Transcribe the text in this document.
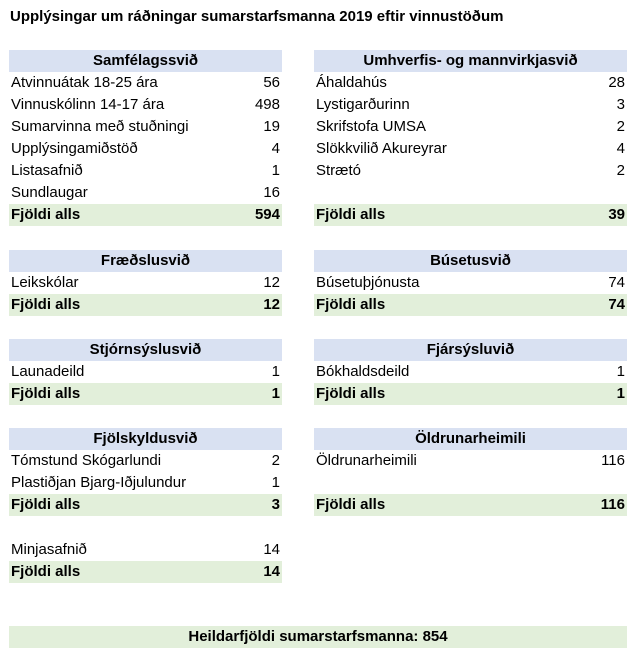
Upplýsingar um ráðningar sumarstarfsmanna 2019 eftir vinnustöðum
Samfélagssvið
Atvinnuátak 18-25 ára	56
Vinnuskólinn 14-17 ára	498
Sumarvinna með stuðningi	19
Upplýsingamiðstöð	4
Listasafnið	1
Sundlaugar	16
Fjöldi alls	594
Umhverfis- og mannvirkjasvið
Áhaldahús	28
Lystigarðurinn	3
Skrifstofa UMSA	2
Slökkvilið Akureyrar	4
Strætó	2
Fjöldi alls	39
Fræðslusvið
Leikskólar	12
Fjöldi alls	12
Búsetusvið
Búsetuþjónusta	74
Fjöldi alls	74
Stjórnsýslusvið
Launadeild	1
Fjöldi alls	1
Fjársýsluvið
Bókhaldsdeild	1
Fjöldi alls	1
Fjölskyldusvið
Tómstund Skógarlundi	2
Plastiðjan Bjarg-Iðjulundur	1
Fjöldi alls	3
Öldrunarheimili
Öldrunarheimili	116
Fjöldi alls	116
Minjasafnið	14
Fjöldi alls	14
Heildarfjöldi sumarstarfsmanna: 854
